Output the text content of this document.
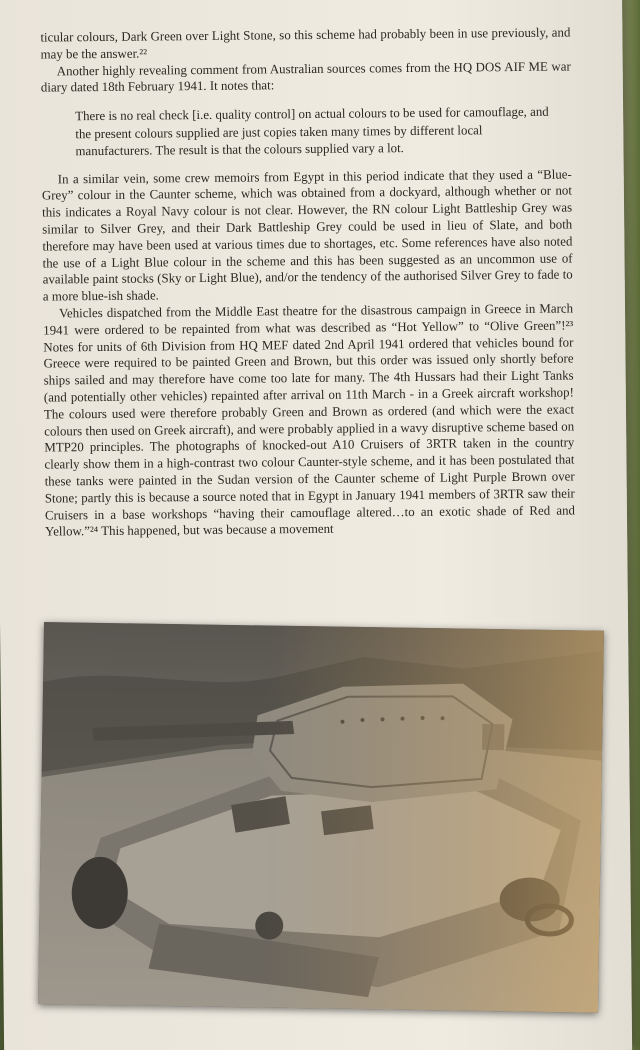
ticular colours, Dark Green over Light Stone, so this scheme had probably been in use previously, and may be the answer.²²

Another highly revealing comment from Australian sources comes from the HQ DOS AIF ME war diary dated 18th February 1941. It notes that:

There is no real check [i.e. quality control] on actual colours to be used for camouflage, and the present colours supplied are just copies taken many times by different local manufacturers. The result is that the colours supplied vary a lot.

In a similar vein, some crew memoirs from Egypt in this period indicate that they used a “Blue-Grey” colour in the Caunter scheme, which was obtained from a dockyard, although whether or not this indicates a Royal Navy colour is not clear. However, the RN colour Light Battleship Grey was similar to Silver Grey, and their Dark Battleship Grey could be used in lieu of Slate, and both therefore may have been used at various times due to shortages, etc. Some references have also noted the use of a Light Blue colour in the scheme and this has been suggested as an uncommon use of available paint stocks (Sky or Light Blue), and/or the tendency of the authorised Silver Grey to fade to a more blue-ish shade.

Vehicles dispatched from the Middle East theatre for the disastrous campaign in Greece in March 1941 were ordered to be repainted from what was described as “Hot Yellow” to “Olive Green”!²³ Notes for units of 6th Division from HQ MEF dated 2nd April 1941 ordered that vehicles bound for Greece were required to be painted Green and Brown, but this order was issued only shortly before ships sailed and may therefore have come too late for many. The 4th Hussars had their Light Tanks (and potentially other vehicles) repainted after arrival on 11th March - in a Greek aircraft workshop! The colours used were therefore probably Green and Brown as ordered (and which were the exact colours then used on Greek aircraft), and were probably applied in a wavy disruptive scheme based on MTP20 principles. The photographs of knocked-out A10 Cruisers of 3RTR taken in the country clearly show them in a high-contrast two colour Caunter-style scheme, and it has been postulated that these tanks were painted in the Sudan version of the Caunter scheme of Light Purple Brown over Stone; partly this is because a source noted that in Egypt in January 1941 members of 3RTR saw their Cruisers in a base workshops “having their camouflage altered…to an exotic shade of Red and Yellow.”²⁴ This happened, but was because a movement
